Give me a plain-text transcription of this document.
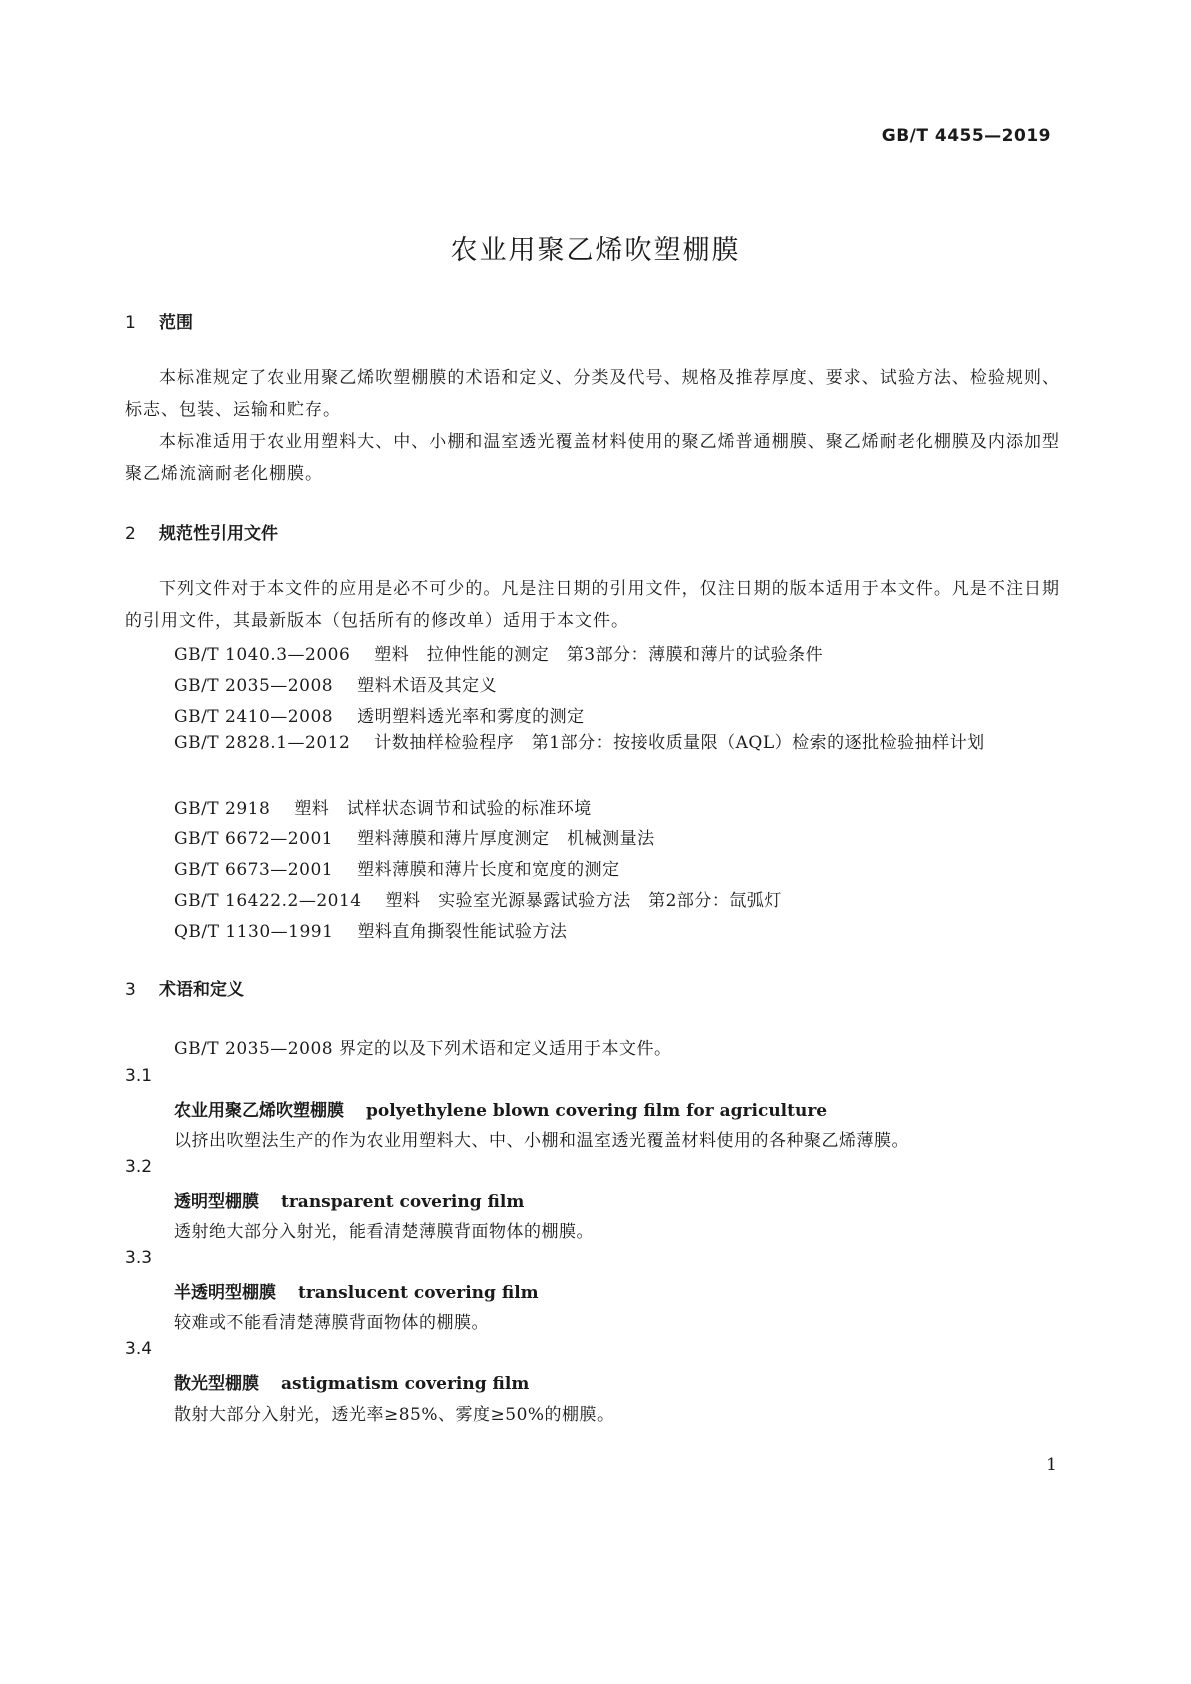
GB/T 4455—2019
农业用聚乙烯吹塑棚膜
1 范围
本标准规定了农业用聚乙烯吹塑棚膜的术语和定义、分类及代号、规格及推荐厚度、要求、试验方法、检验规则、标志、包装、运输和贮存。
本标准适用于农业用塑料大、中、小棚和温室透光覆盖材料使用的聚乙烯普通棚膜、聚乙烯耐老化棚膜及内添加型聚乙烯流滴耐老化棚膜。
2 规范性引用文件
下列文件对于本文件的应用是必不可少的。凡是注日期的引用文件，仅注日期的版本适用于本文件。凡是不注日期的引用文件，其最新版本（包括所有的修改单）适用于本文件。
GB/T 1040.3—2006 塑料　拉伸性能的测定　第3部分：薄膜和薄片的试验条件
GB/T 2035—2008 塑料术语及其定义
GB/T 2410—2008 透明塑料透光率和雾度的测定
GB/T 2828.1—2012 计数抽样检验程序　第1部分：按接收质量限（AQL）检索的逐批检验抽样计划
GB/T 2918 塑料　试样状态调节和试验的标准环境
GB/T 6672—2001 塑料薄膜和薄片厚度测定　机械测量法
GB/T 6673—2001 塑料薄膜和薄片长度和宽度的测定
GB/T 16422.2—2014 塑料　实验室光源暴露试验方法　第2部分：氙弧灯
QB/T 1130—1991 塑料直角撕裂性能试验方法
3 术语和定义
GB/T 2035—2008 界定的以及下列术语和定义适用于本文件。
3.1
农业用聚乙烯吹塑棚膜 polyethylene blown covering film for agriculture
以挤出吹塑法生产的作为农业用塑料大、中、小棚和温室透光覆盖材料使用的各种聚乙烯薄膜。
3.2
透明型棚膜 transparent covering film
透射绝大部分入射光，能看清楚薄膜背面物体的棚膜。
3.3
半透明型棚膜 translucent covering film
较难或不能看清楚薄膜背面物体的棚膜。
3.4
散光型棚膜 astigmatism covering film
散射大部分入射光，透光率≥85%、雾度≥50%的棚膜。
1
